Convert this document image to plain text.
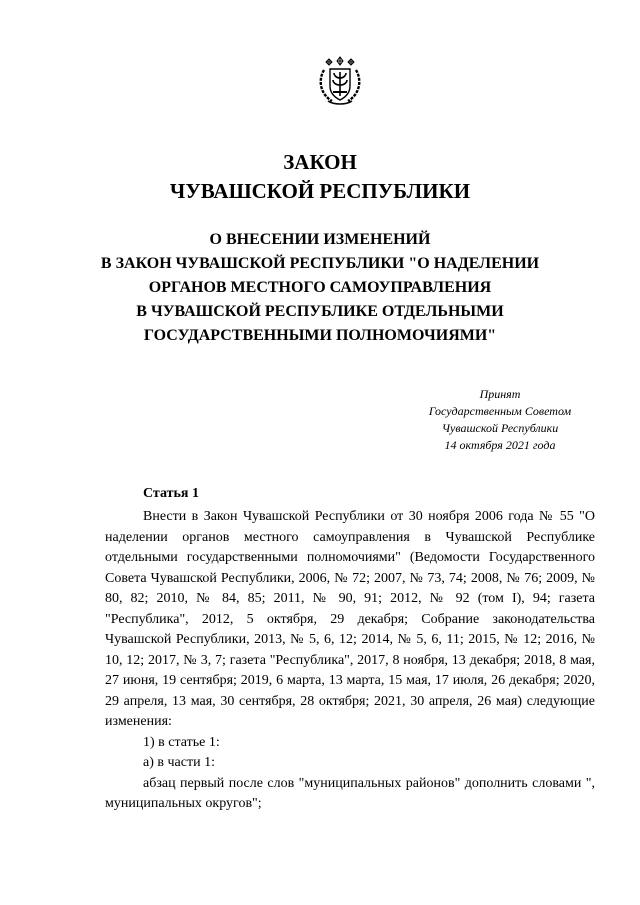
ЗАКОН
ЧУВАШСКОЙ РЕСПУБЛИКИ
О ВНЕСЕНИИ ИЗМЕНЕНИЙ
В ЗАКОН ЧУВАШСКОЙ РЕСПУБЛИКИ "О НАДЕЛЕНИИ
ОРГАНОВ МЕСТНОГО САМОУПРАВЛЕНИЯ
В ЧУВАШСКОЙ РЕСПУБЛИКЕ ОТДЕЛЬНЫМИ
ГОСУДАРСТВЕННЫМИ ПОЛНОМОЧИЯМИ"
Принят
Государственным Советом
Чувашской Республики
14 октября 2021 года
Статья 1

Внести в Закон Чувашской Республики от 30 ноября 2006 года № 55 "О наделении органов местного самоуправления в Чувашской Республике отдельными государственными полномочиями" (Ведомости Государственного Совета Чувашской Республики, 2006, № 72; 2007, № 73, 74; 2008, № 76; 2009, № 80, 82; 2010, № 84, 85; 2011, № 90, 91; 2012, № 92 (том I), 94; газета "Республика", 2012, 5 октября, 29 декабря; Собрание законодательства Чувашской Республики, 2013, № 5, 6, 12; 2014, № 5, 6, 11; 2015, № 12; 2016, № 10, 12; 2017, № 3, 7; газета "Республика", 2017, 8 ноября, 13 декабря; 2018, 8 мая, 27 июня, 19 сентября; 2019, 6 марта, 13 марта, 15 мая, 17 июля, 26 декабря; 2020, 29 апреля, 13 мая, 30 сентября, 28 октября; 2021, 30 апреля, 26 мая) следующие изменения:

1) в статье 1:

а) в части 1:

абзац первый после слов "муниципальных районов" дополнить словами ", муниципальных округов";
